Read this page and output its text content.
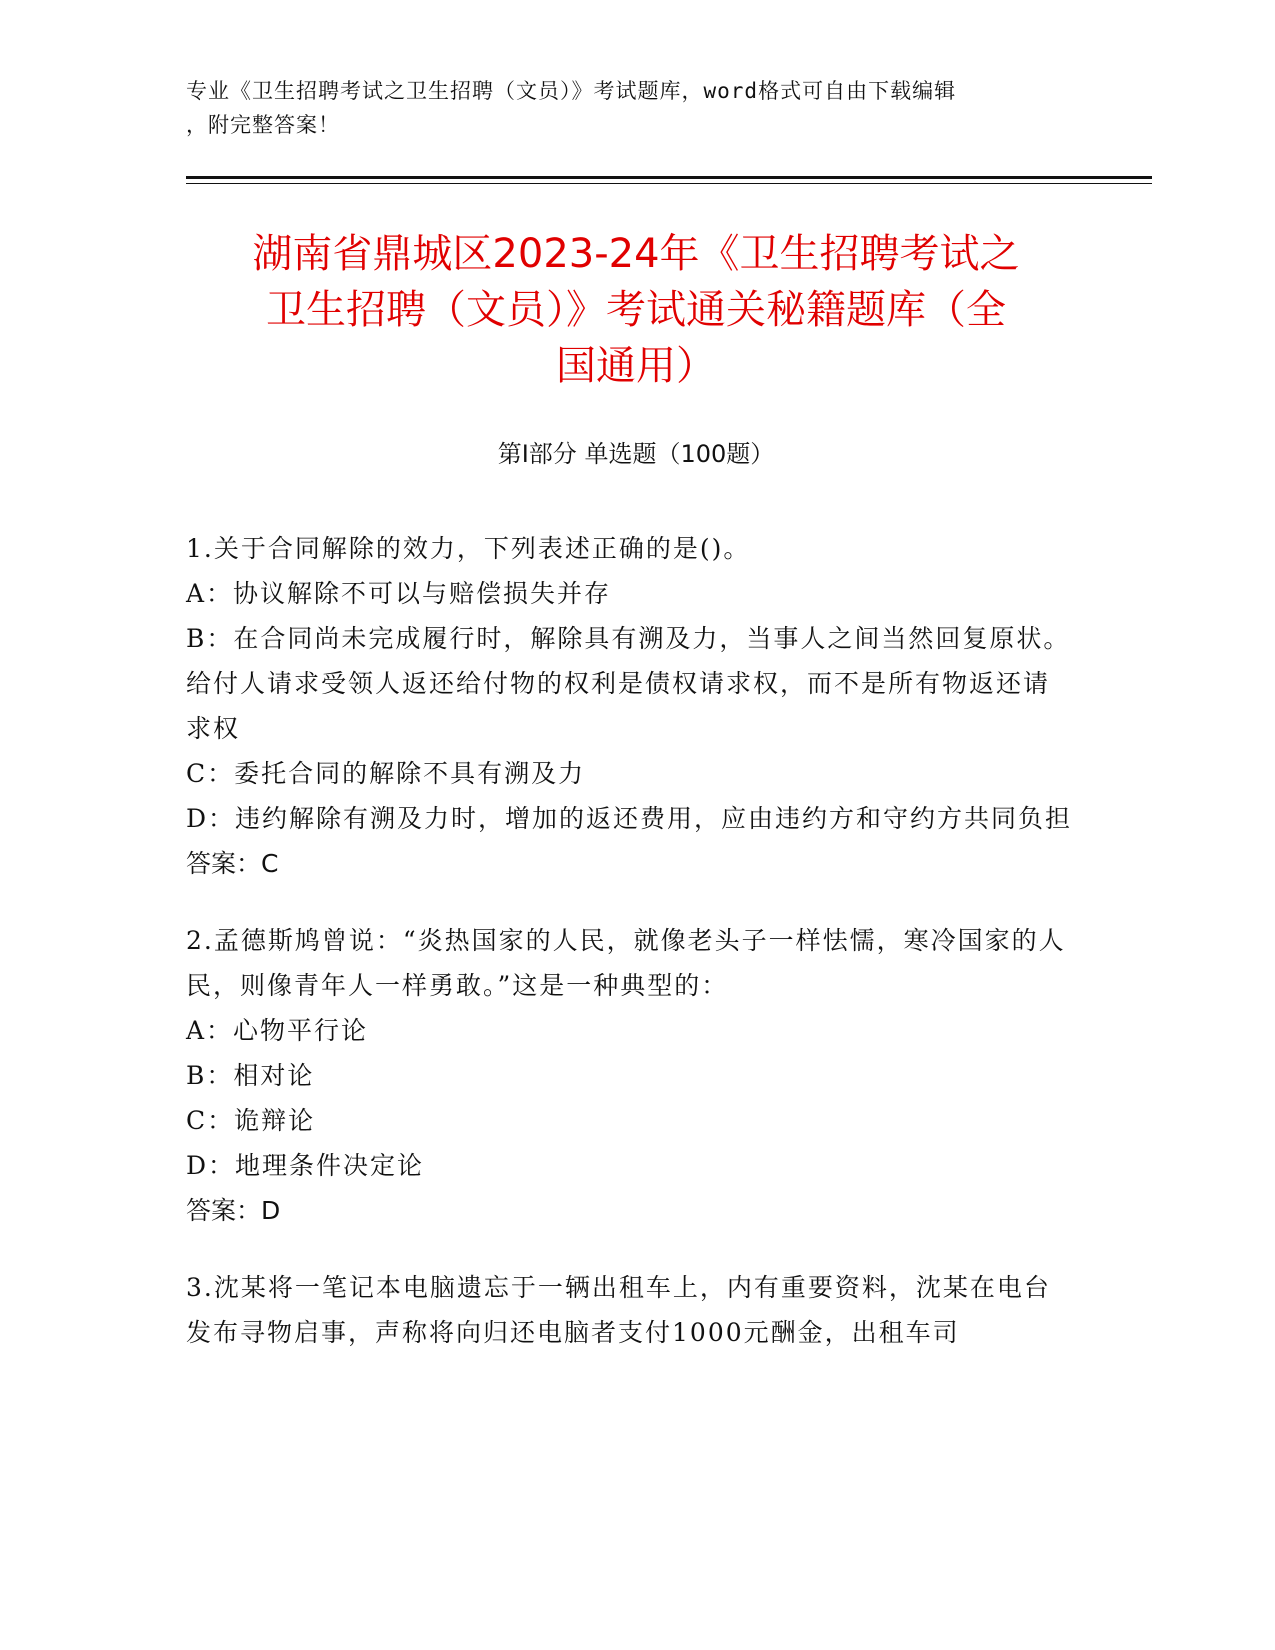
专业《卫生招聘考试之卫生招聘（文员）》考试题库，word格式可自由下载编辑
，附完整答案！
湖南省鼎城区2023-24年《卫生招聘考试之
卫生招聘（文员）》考试通关秘籍题库（全
国通用）
第Ⅰ部分 单选题（100题）

1.关于合同解除的效力，下列表述正确的是()。

A：协议解除不可以与赔偿损失并存

B：在合同尚未完成履行时，解除具有溯及力，当事人之间当然回复原状。给付人请求受领人返还给付物的权利是债权请求权，而不是所有物返还请求权

C：委托合同的解除不具有溯及力

D：违约解除有溯及力时，增加的返还费用，应由违约方和守约方共同负担

答案：C

2.孟德斯鸠曾说：“炎热国家的人民，就像老头子一样怯懦，寒冷国家的人民，则像青年人一样勇敢。”这是一种典型的：

A：心物平行论

B：相对论

C：诡辩论

D：地理条件决定论

答案：D

3.沈某将一笔记本电脑遗忘于一辆出租车上，内有重要资料，沈某在电台发布寻物启事，声称将向归还电脑者支付1000元酬金，出租车司
